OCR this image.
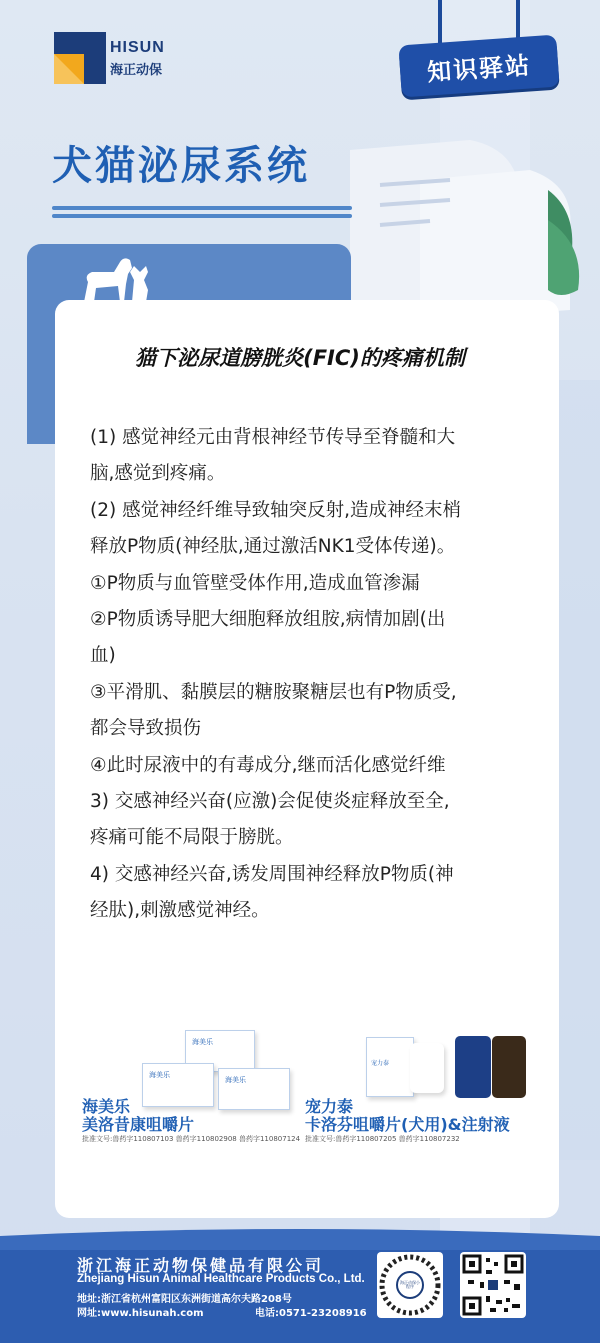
HISUN
海正动保	知识驿站
犬猫泌尿系统
猫下泌尿道膀胱炎(FIC)的疼痛机制

(1) 感觉神经元由背根神经节传导至脊髓和大

脑,感觉到疼痛。

(2) 感觉神经纤维导致轴突反射,造成神经末梢

释放P物质(神经肽,通过激活NK1受体传递)。

①P物质与血管壁受体作用,造成血管渗漏

②P物质诱导肥大细胞释放组胺,病情加剧(出

血)

③平滑肌、黏膜层的糖胺聚糖层也有P物质受,

都会导致损伤

④此时尿液中的有毒成分,继而活化感觉纤维

3) 交感神经兴奋(应激)会促使炎症释放至全,

疼痛可能不局限于膀胱。

4) 交感神经兴奋,诱发周围神经释放P物质(神

经肽),刺激感觉神经。

海美乐
海美乐
海美乐
海美乐
美洛昔康咀嚼片
批准文号:兽药字110807103 兽药字110802908 兽药字110807124
宠力泰
宠力泰
卡洛芬咀嚼片(犬用)&注射液
批准文号:兽药字110807205 兽药字110807232
浙江海正动物保健品有限公司
Zhejiang Hisun Animal Healthcare Products Co., Ltd.
地址:浙江省杭州富阳区东洲街道高尔夫路208号
网址:www.hisunah.com	电话:0571-23208916
海正动保小程序
